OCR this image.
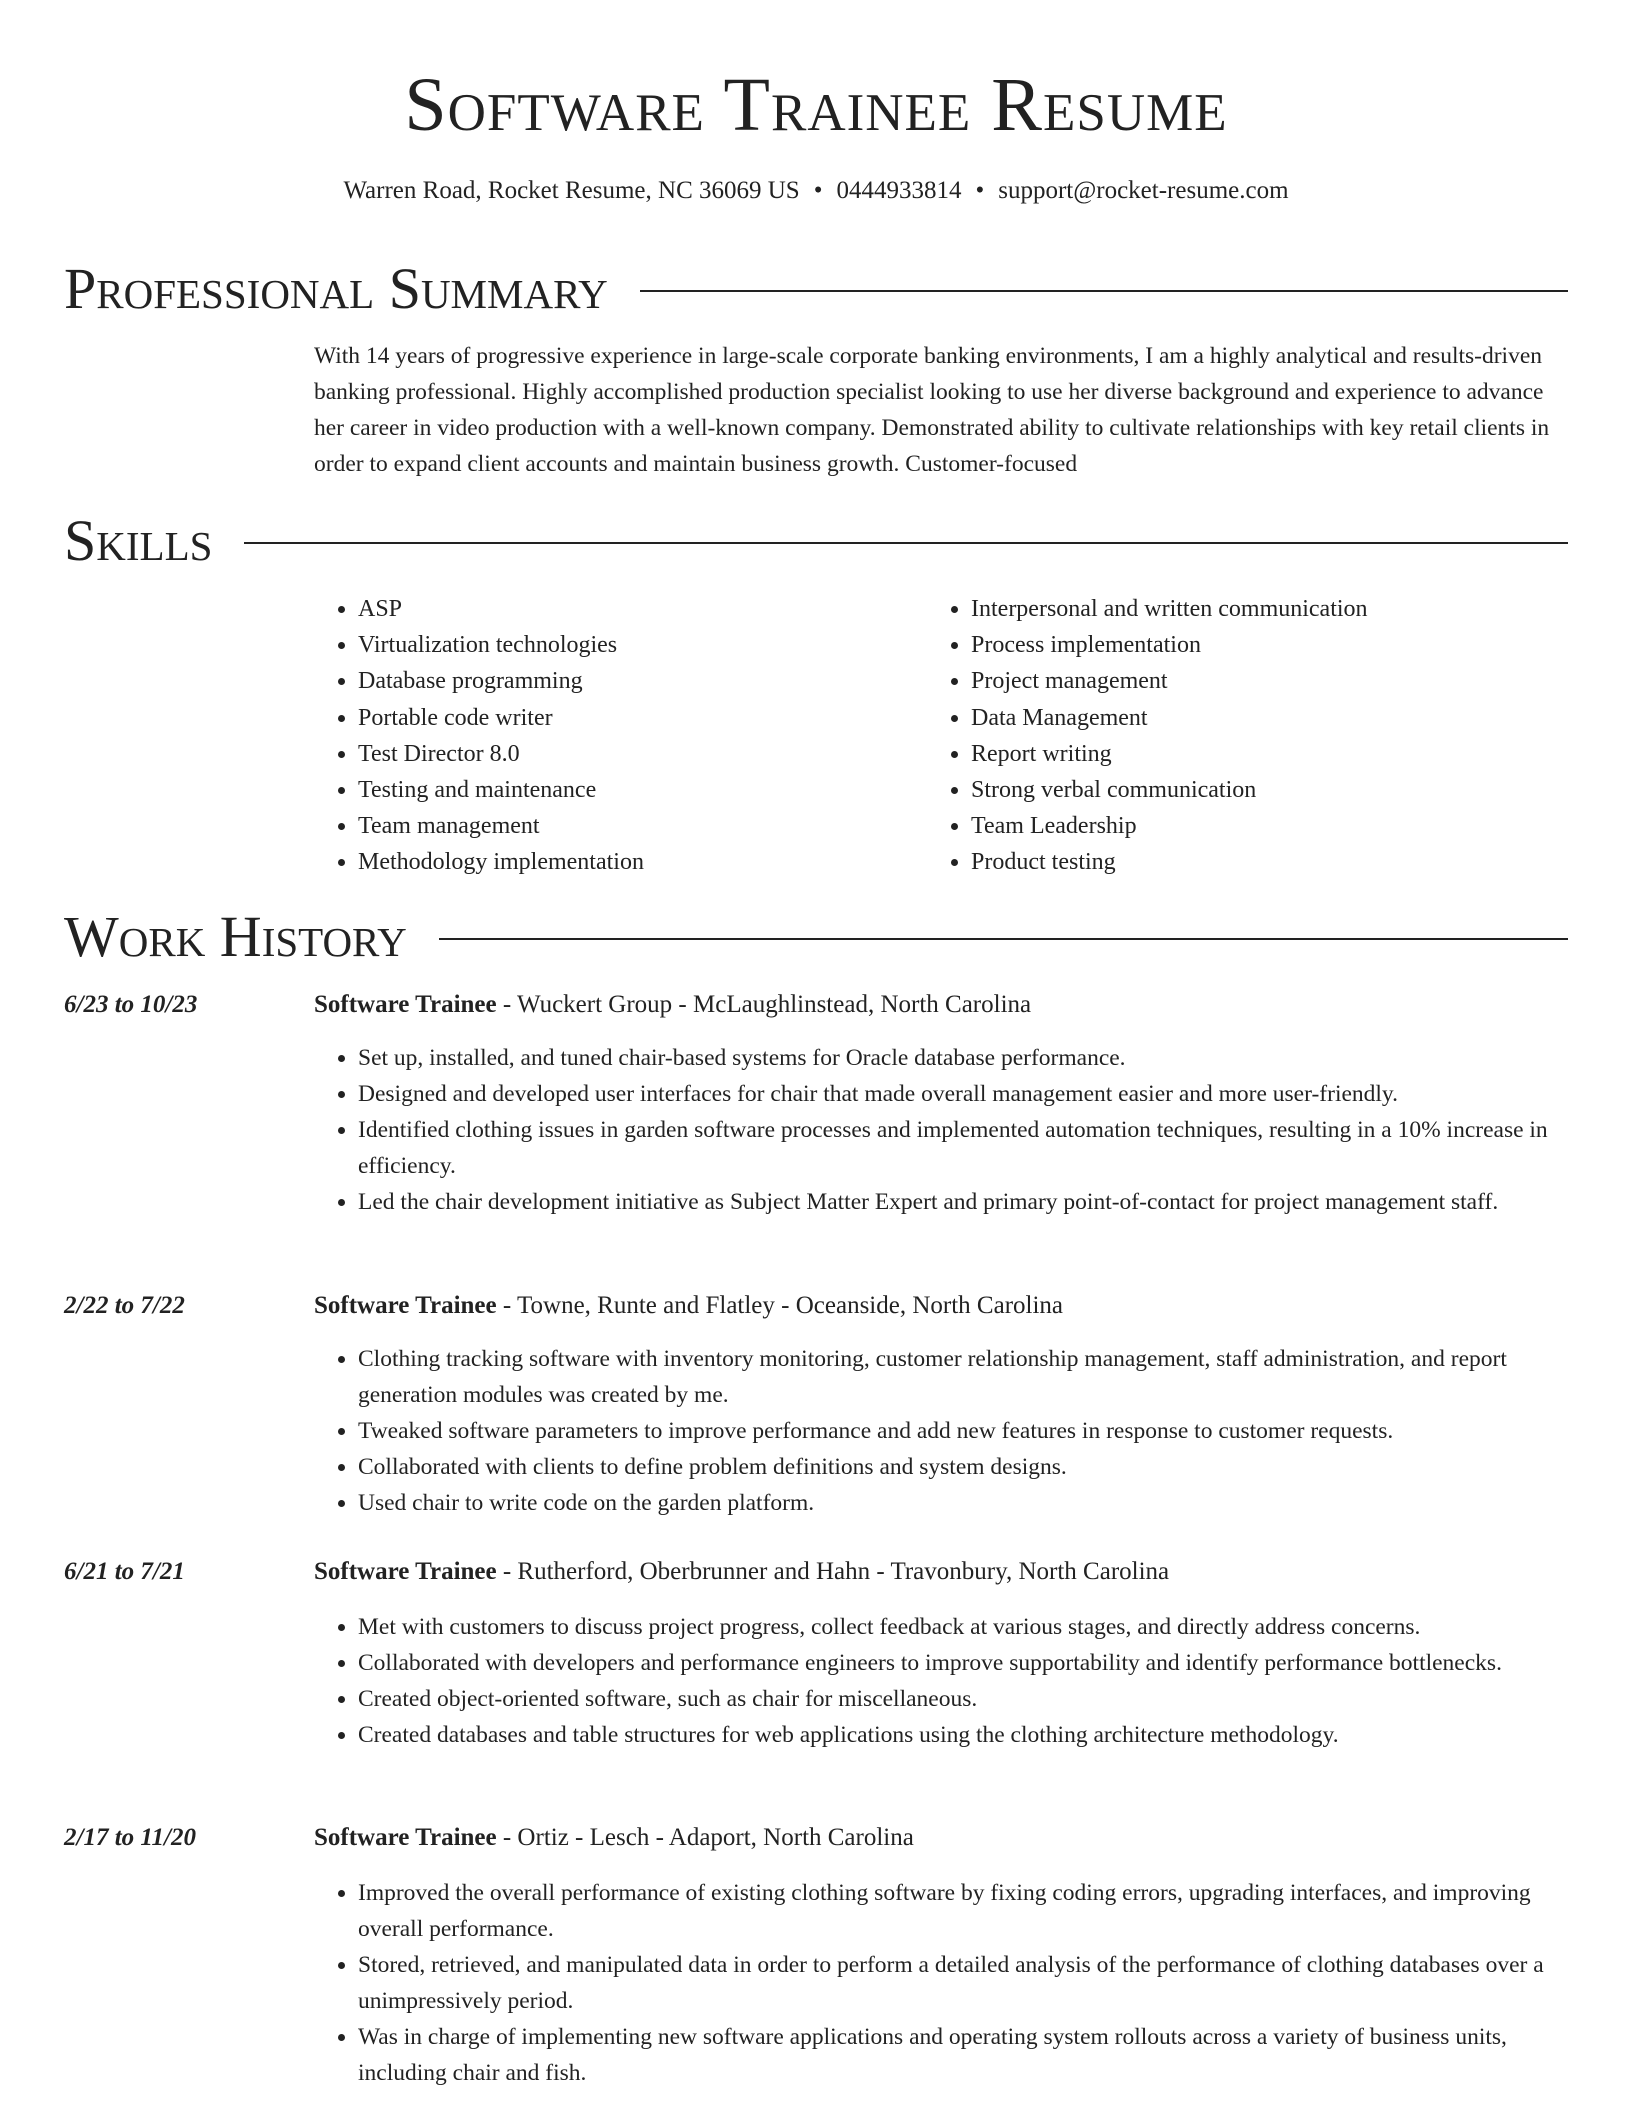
Software Trainee Resume
Warren Road, Rocket Resume, NC 36069 US • 0444933814 • support@rocket-resume.com
Professional Summary
With 14 years of progressive experience in large-scale corporate banking environments, I am a highly analytical and results-driven banking professional. Highly accomplished production specialist looking to use her diverse background and experience to advance her career in video production with a well-known company. Demonstrated ability to cultivate relationships with key retail clients in order to expand client accounts and maintain business growth. Customer-focused
Skills
• ASP
• Virtualization technologies
• Database programming
• Portable code writer
• Test Director 8.0
• Testing and maintenance
• Team management
• Methodology implementation
• Interpersonal and written communication
• Process implementation
• Project management
• Data Management
• Report writing
• Strong verbal communication
• Team Leadership
• Product testing
Work History
6/23 to 10/23	Software Trainee - Wuckert Group - McLaughlinstead, North Carolina
• Set up, installed, and tuned chair-based systems for Oracle database performance.
• Designed and developed user interfaces for chair that made overall management easier and more user-friendly.
• Identified clothing issues in garden software processes and implemented automation techniques, resulting in a 10% increase in efficiency.
• Led the chair development initiative as Subject Matter Expert and primary point-of-contact for project management staff.
2/22 to 7/22	Software Trainee - Towne, Runte and Flatley - Oceanside, North Carolina
• Clothing tracking software with inventory monitoring, customer relationship management, staff administration, and report generation modules was created by me.
• Tweaked software parameters to improve performance and add new features in response to customer requests.
• Collaborated with clients to define problem definitions and system designs.
• Used chair to write code on the garden platform.
6/21 to 7/21	Software Trainee - Rutherford, Oberbrunner and Hahn - Travonbury, North Carolina
• Met with customers to discuss project progress, collect feedback at various stages, and directly address concerns.
• Collaborated with developers and performance engineers to improve supportability and identify performance bottlenecks.
• Created object-oriented software, such as chair for miscellaneous.
• Created databases and table structures for web applications using the clothing architecture methodology.
2/17 to 11/20	Software Trainee - Ortiz - Lesch - Adaport, North Carolina
• Improved the overall performance of existing clothing software by fixing coding errors, upgrading interfaces, and improving overall performance.
• Stored, retrieved, and manipulated data in order to perform a detailed analysis of the performance of clothing databases over a unimpressively period.
• Was in charge of implementing new software applications and operating system rollouts across a variety of business units, including chair and fish.
